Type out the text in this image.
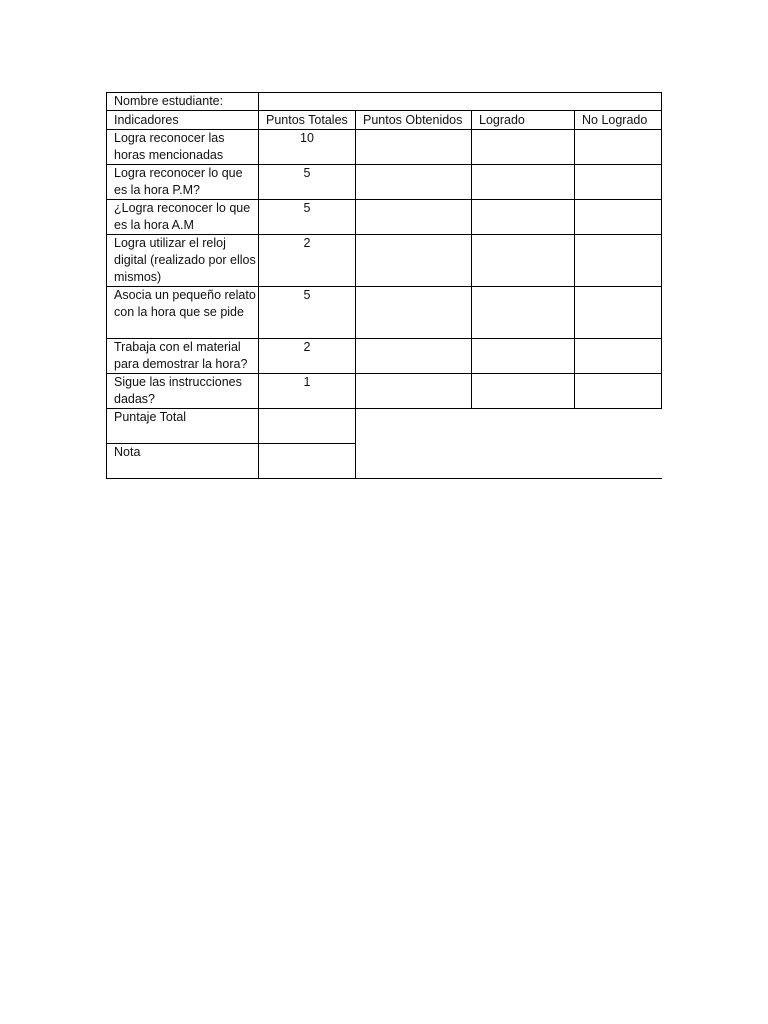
Nombre estudiante:				
Indicadores	Puntos Totales	Puntos Obtenidos	Logrado	No Logrado
Logra reconocer las horas mencionadas	10			
Logra reconocer lo que es la hora P.M?	5			
¿Logra reconocer lo que es la hora A.M	5			
Logra utilizar el reloj digital (realizado por ellos mismos)	2			
Asocia un pequeño relato con la hora que se pide	5			
Trabaja con el material para demostrar la hora?	2			
Sigue las instrucciones dadas?	1			
Puntaje Total				
Nota				
